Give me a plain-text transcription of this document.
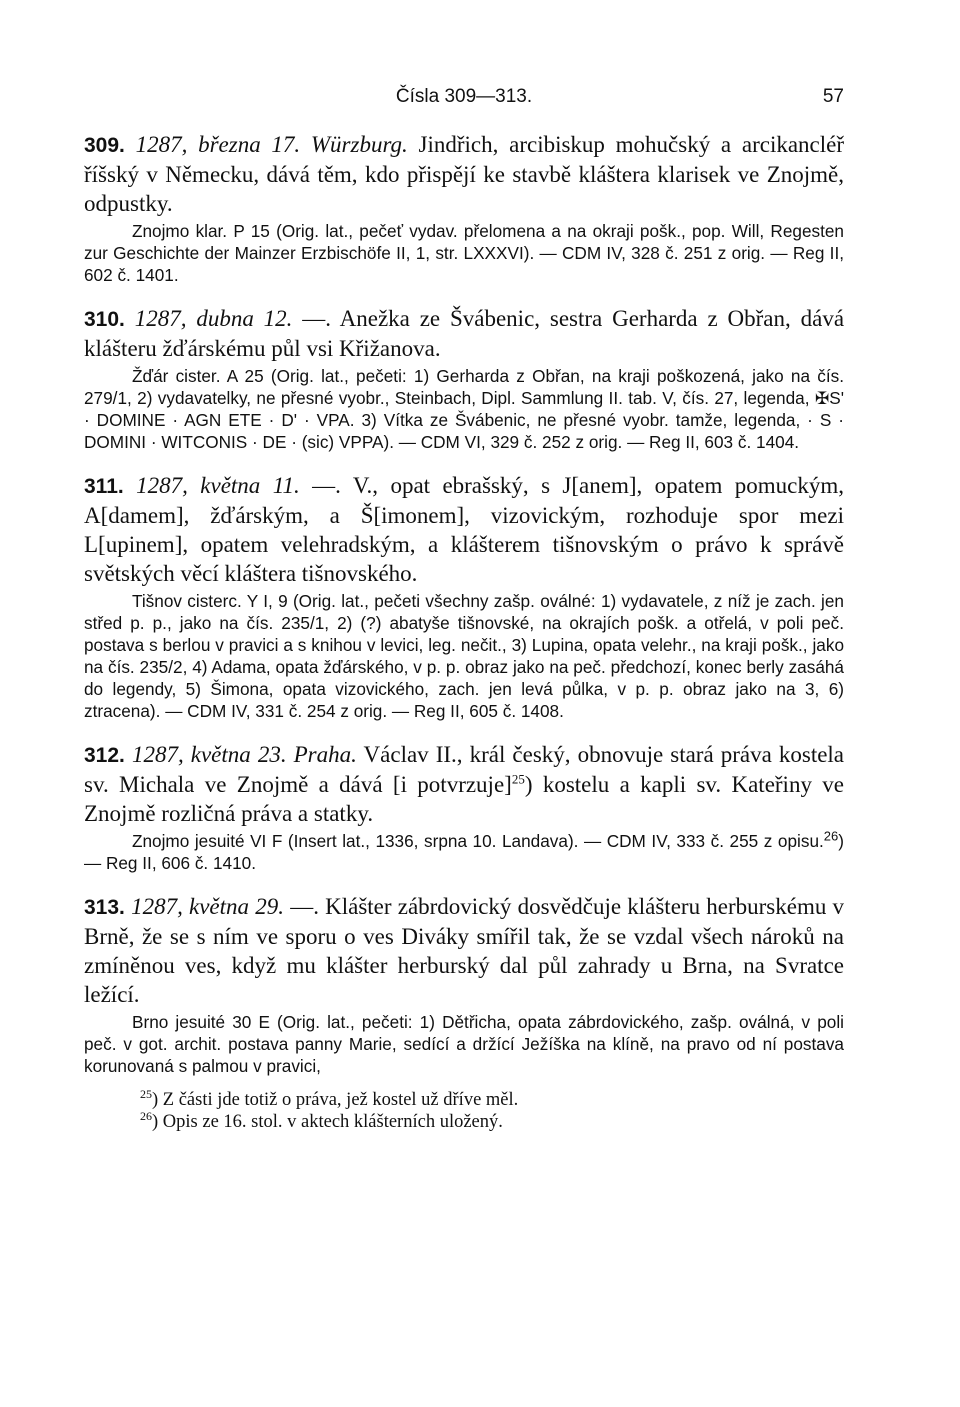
Čísla 309—313.	57

309. 1287, března 17. Würzburg. Jindřich, arcibiskup mohučský a arcikancléř říšský v Německu, dává těm, kdo přispějí ke stavbě kláštera klarisek ve Znojmě, odpustky.

Znojmo klar. P 15 (Orig. lat., pečeť vydav. přelomena a na okraji pošk., pop. Will, Regesten zur Geschichte der Mainzer Erzbischöfe II, 1, str. LXXXVI). — CDM IV, 328 č. 251 z orig. — Reg II, 602 č. 1401.

310. 1287, dubna 12. —. Anežka ze Švábenic, sestra Gerharda z Obřan, dává klášteru žďárskému půl vsi Křižanova.

Žďár cister. A 25 (Orig. lat., pečeti: 1) Gerharda z Obřan, na kraji poškozená, jako na čís. 279/1, 2) vydavatelky, ne přesné vyobr., Steinbach, Dipl. Sammlung II. tab. V, čís. 27, legenda, ✠S' · DOMINE · AGN ETE · D' · VPA. 3) Vítka ze Švábenic, ne přesné vyobr. tamže, legenda, · S · DOMINI · WITCONIS · DE · (sic) VPPA). — CDM VI, 329 č. 252 z orig. — Reg II, 603 č. 1404.

311. 1287, května 11. —. V., opat ebrašský, s J[anem], opatem pomuckým, A[damem], žďárským, a Š[imonem], vizovickým, rozhoduje spor mezi L[upinem], opatem velehradským, a klášterem tišnovským o právo k správě světských věcí kláštera tišnovského.

Tišnov cisterc. Y I, 9 (Orig. lat., pečeti všechny zašp. oválné: 1) vydavatele, z níž je zach. jen střed p. p., jako na čís. 235/1, 2) (?) abatyše tišnovské, na okrajích pošk. a otřelá, v poli peč. postava s berlou v pravici a s knihou v levici, leg. nečit., 3) Lupina, opata velehr., na kraji pošk., jako na čís. 235/2, 4) Adama, opata žďárského, v p. p. obraz jako na peč. předchozí, konec berly zasáhá do legendy, 5) Šimona, opata vizovického, zach. jen levá půlka, v p. p. obraz jako na 3, 6) ztracena). — CDM IV, 331 č. 254 z orig. — Reg II, 605 č. 1408.

312. 1287, května 23. Praha. Václav II., král český, obnovuje stará práva kostela sv. Michala ve Znojmě a dává [i potvrzuje]$^{25}$) kostelu a kapli sv. Kateřiny ve Znojmě rozličná práva a statky.

Znojmo jesuité VI F (Insert lat., 1336, srpna 10. Landava). — CDM IV, 333 č. 255 z opisu.$^{26}$) — Reg II, 606 č. 1410.

313. 1287, května 29. —. Klášter zábrdovický dosvědčuje klášteru herburskému v Brně, že se s ním ve sporu o ves Diváky smířil tak, že se vzdal všech nároků na zmíněnou ves, když mu klášter herburský dal půl zahrady u Brna, na Svratce ležící.

Brno jesuité 30 E (Orig. lat., pečeti: 1) Dětřicha, opata zábrdovického, zašp. oválná, v poli peč. v got. archit. postava panny Marie, sedící a držící Ježíška na klíně, na pravo od ní postava korunovaná s palmou v pravici,

$^{25}$) Z části jde totiž o práva, jež kostel už dříve měl.
$^{26}$) Opis ze 16. stol. v aktech klášterních uložený.
